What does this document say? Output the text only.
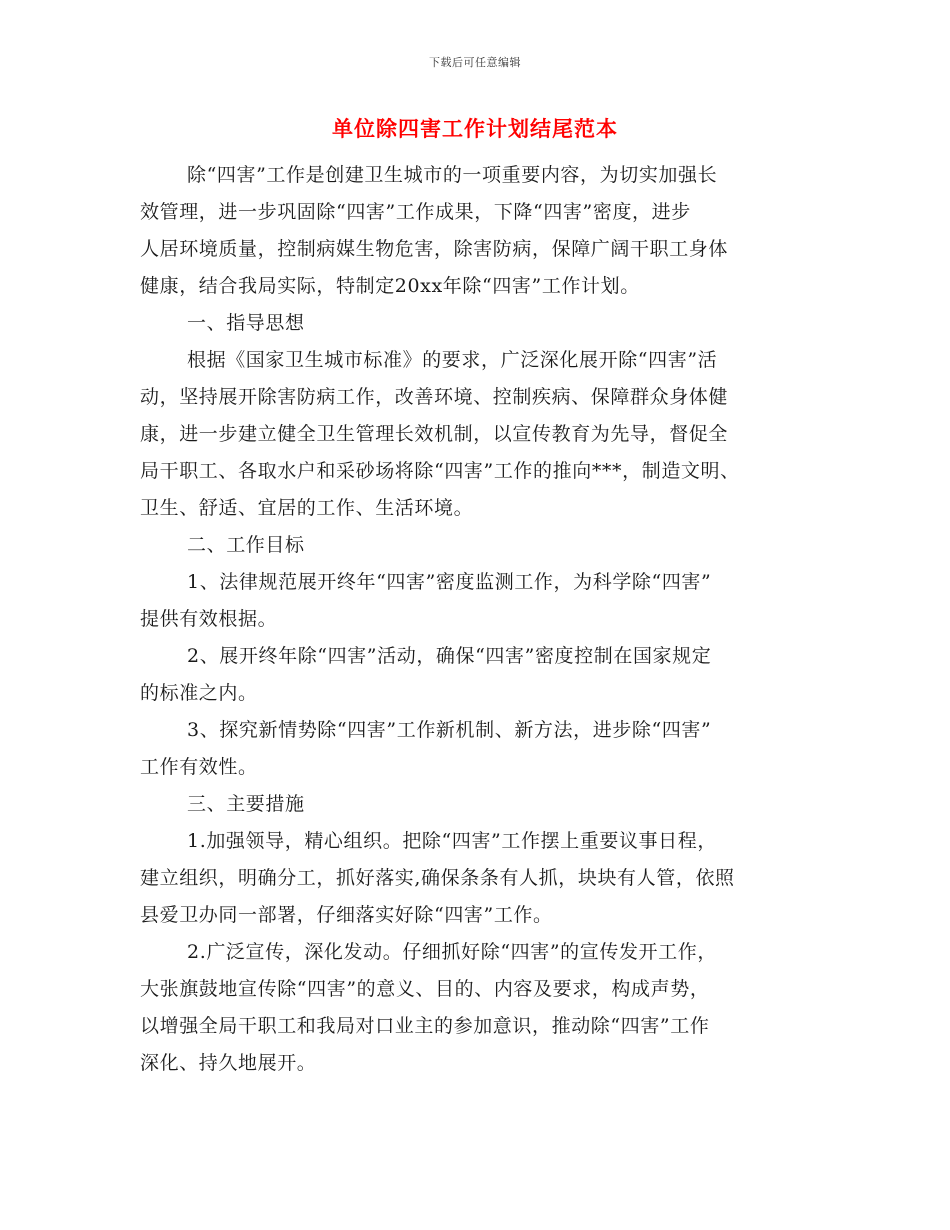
下载后可任意编辑
单位除四害工作计划结尾范本
除“四害”工作是创建卫生城市的一项重要内容，为切实加强长
效管理，进一步巩固除“四害”工作成果，下降“四害”密度，进步
人居环境质量，控制病媒生物危害，除害防病，保障广阔干职工身体
健康，结合我局实际，特制定20xx年除“四害”工作计划。
一、指导思想
根据《国家卫生城市标准》的要求，广泛深化展开除“四害”活
动，坚持展开除害防病工作，改善环境、控制疾病、保障群众身体健
康，进一步建立健全卫生管理长效机制，以宣传教育为先导，督促全
局干职工、各取水户和采砂场将除“四害”工作的推向***，制造文明、
卫生、舒适、宜居的工作、生活环境。
二、工作目标
1、法律规范展开终年“四害”密度监测工作，为科学除“四害”
提供有效根据。
2、展开终年除“四害”活动，确保“四害”密度控制在国家规定
的标准之内。
3、探究新情势除“四害”工作新机制、新方法，进步除“四害”
工作有效性。
三、主要措施
1.加强领导，精心组织。把除“四害”工作摆上重要议事日程，
建立组织，明确分工，抓好落实,确保条条有人抓，块块有人管，依照
县爱卫办同一部署，仔细落实好除“四害”工作。
2.广泛宣传，深化发动。仔细抓好除“四害”的宣传发开工作，
大张旗鼓地宣传除“四害”的意义、目的、内容及要求，构成声势，
以增强全局干职工和我局对口业主的参加意识，推动除“四害”工作
深化、持久地展开。
